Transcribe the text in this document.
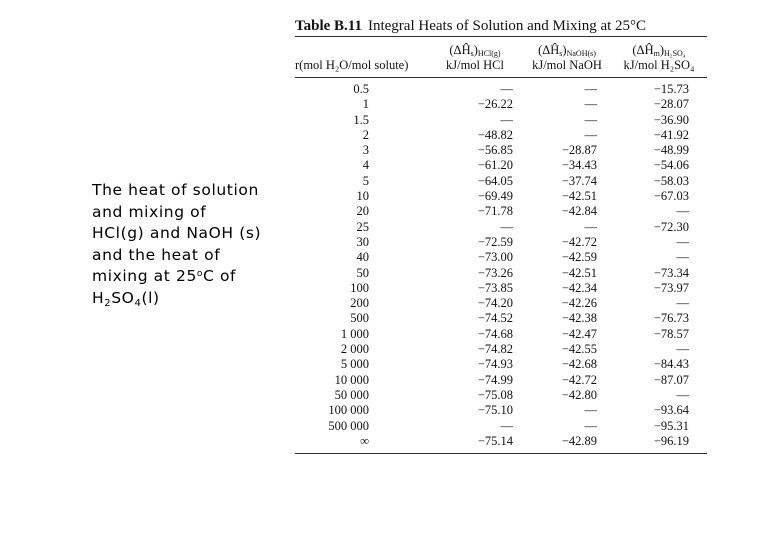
The heat of solution
and mixing of
HCl(g) and NaOH (s)
and the heat of
mixing at 25$^o$C of
$H_2SO_4(l)$
Table B.11 Integral Heats of Solution and Mixing at 25°C
r(mol H₂O/mol solute)
$(\Delta Ĥ_s)_{HCl(g)}$
kJ/mol HCl
$(\Delta Ĥ_s)_{NaOH(s)}$
kJ/mol NaOH
$(\Delta Ĥ_m)_{H_2SO_4}$
kJ/mol H₂SO₄
0.5	—	—	−15.73
1	−26.22	—	−28.07
1.5	—	—	−36.90
2	−48.82	—	−41.92
3	−56.85	−28.87	−48.99
4	−61.20	−34.43	−54.06
5	−64.05	−37.74	−58.03
10	−69.49	−42.51	−67.03
20	−71.78	−42.84	—
25	—	—	−72.30
30	−72.59	−42.72	—
40	−73.00	−42.59	—
50	−73.26	−42.51	−73.34
100	−73.85	−42.34	−73.97
200	−74.20	−42.26	—
500	−74.52	−42.38	−76.73
1 000	−74.68	−42.47	−78.57
2 000	−74.82	−42.55	—
5 000	−74.93	−42.68	−84.43
10 000	−74.99	−42.72	−87.07
50 000	−75.08	−42.80	—
100 000	−75.10	—	−93.64
500 000	—	—	−95.31
∞	−75.14	−42.89	−96.19
